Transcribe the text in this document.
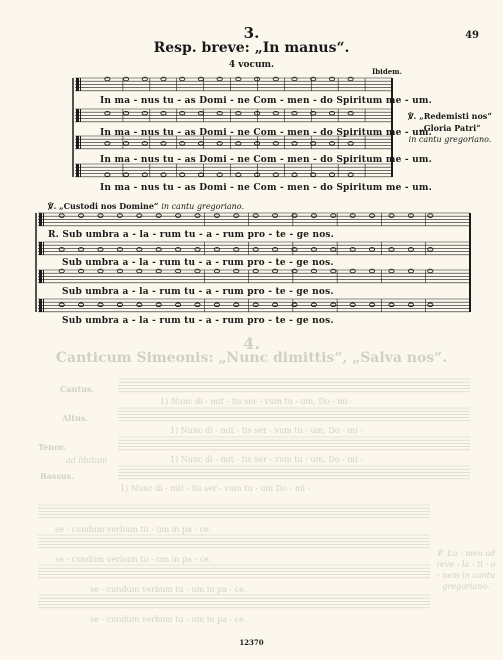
49
3.
Resp. breve: „In manus“.
4 vocum.
Ibidem.
In ma - nus tu - as Domi - ne Com - men - do Spiritum me - um.
In ma - nus tu - as Domi - ne Com - men - do Spiritum me - um.
In ma - nus tu - as Domi - ne Com - men - do Spiritum me - um.
In ma - nus tu - as Domi - ne Com - men - do Spiritum me - um.
℣. „Redemisti nos“
„Gloria Patri“
in cantu gregoriano.
℣. „Custodi nos Domine“ in cantu gregoriano.
R. Sub umbra a - la - rum tu - a - rum pro - te - ge nos.
Sub umbra a - la - rum tu - a - rum pro - te - ge nos.
Sub umbra a - la - rum tu - a - rum pro - te - ge nos.
Sub umbra a - la - rum tu - a - rum pro - te - ge nos.
4.
Canticum Simeonis: „Nunc dimittis“, „Salva nos“.
Cantus.
Altus.
Tenor.
ad libitum
Bassus.
1) Nunc di - mit - tis ser - vum tu - um, Do - mi -
1) Nunc di - mit - tis ser - vum tu - um, Do - mi -
1) Nunc di - mit - tis ser - vum tu - um, Do - mi -
1) Nunc di - mit - tis ser - vum tu - um Do - mi -
se - cundum verbum tu - um in pa - ce.
se - cundum verbum tu - um in pa - ce.
se - cundum verbum tu - um in pa - ce.
se - cundum verbum tu - um in pa - ce.
℣. Lu - men ad reve - la - ti - o - nem in cantu gregoriano.
12370
